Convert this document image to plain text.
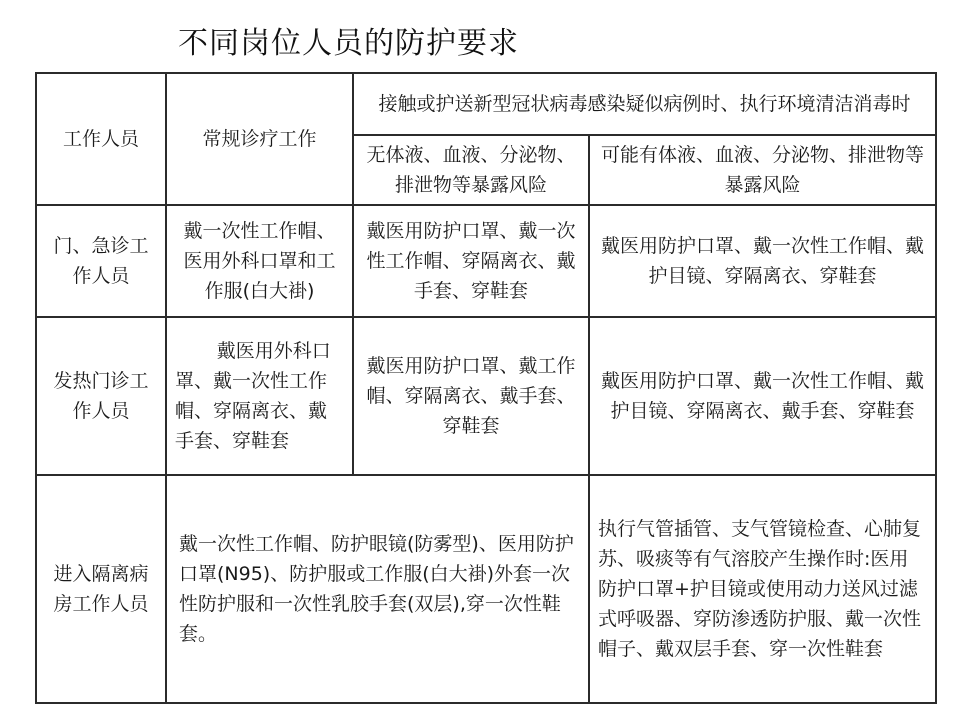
不同岗位人员的防护要求
工作人员	常规诊疗工作	接触或护送新型冠状病毒感染疑似病例时、执行环境清洁消毒时	
		无体液、血液、分泌物、排泄物等暴露风险	可能有体液、血液、分泌物、排泄物等暴露风险
门、急诊工作人员	戴一次性工作帽、医用外科口罩和工作服(白大褂)	戴医用防护口罩、戴一次性工作帽、穿隔离衣、戴手套、穿鞋套	戴医用防护口罩、戴一次性工作帽、戴护目镜、穿隔离衣、穿鞋套
发热门诊工作人员	戴医用外科口罩、戴一次性工作帽、穿隔离衣、戴手套、穿鞋套	戴医用防护口罩、戴工作帽、穿隔离衣、戴手套、穿鞋套	戴医用防护口罩、戴一次性工作帽、戴护目镜、穿隔离衣、戴手套、穿鞋套
进入隔离病房工作人员	戴一次性工作帽、防护眼镜(防雾型)、医用防护口罩(N95)、防护服或工作服(白大褂)外套一次性防护服和一次性乳胶手套(双层),穿一次性鞋套。		执行气管插管、支气管镜检查、心肺复苏、吸痰等有气溶胶产生操作时:医用防护口罩+护目镜或使用动力送风过滤式呼吸器、穿防渗透防护服、戴一次性帽子、戴双层手套、穿一次性鞋套
